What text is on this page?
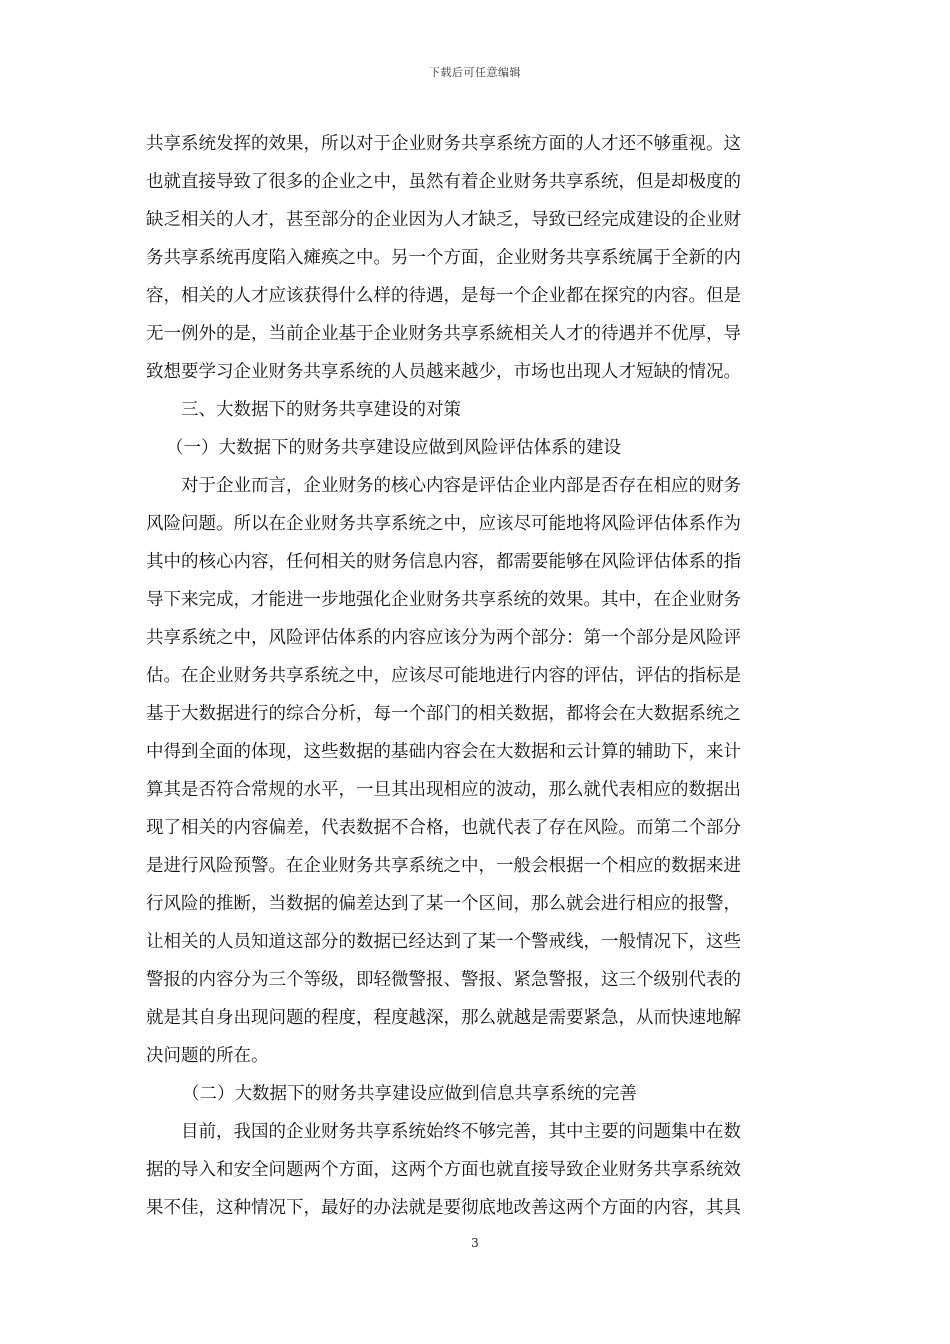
下载后可任意编辑
共享系统发挥的效果，所以对于企业财务共享系统方面的人才还不够重视。这
也就直接导致了很多的企业之中，虽然有着企业财务共享系统，但是却极度的
缺乏相关的人才，甚至部分的企业因为人才缺乏，导致已经完成建设的企业财
务共享系统再度陷入瘫痪之中。另一个方面，企业财务共享系统属于全新的内
容，相关的人才应该获得什么样的待遇，是每一个企业都在探究的内容。但是
无一例外的是，当前企业基于企业财务共享系統相关人才的待遇并不优厚，导
致想要学习企业财务共享系统的人员越来越少，市场也出现人才短缺的情况。
三、大数据下的财务共享建设的对策
（一）大数据下的财务共享建设应做到风险评估体系的建设
对于企业而言，企业财务的核心内容是评估企业内部是否存在相应的财务
风险问题。所以在企业财务共享系统之中，应该尽可能地将风险评估体系作为
其中的核心内容，任何相关的财务信息内容，都需要能够在风险评估体系的指
导下来完成，才能进一步地强化企业财务共享系统的效果。其中，在企业财务
共享系统之中，风险评估体系的内容应该分为两个部分：第一个部分是风险评
估。在企业财务共享系统之中，应该尽可能地进行内容的评估，评估的指标是
基于大数据进行的综合分析，每一个部门的相关数据，都将会在大数据系统之
中得到全面的体现，这些数据的基础内容会在大数据和云计算的辅助下，来计
算其是否符合常规的水平，一旦其出现相应的波动，那么就代表相应的数据出
现了相关的内容偏差，代表数据不合格，也就代表了存在风险。而第二个部分
是进行风险预警。在企业财务共享系统之中，一般会根据一个相应的数据来进
行风险的推断，当数据的偏差达到了某一个区间，那么就会进行相应的报警，
让相关的人员知道这部分的数据已经达到了某一个警戒线，一般情况下，这些
警报的内容分为三个等级，即轻微警报、警报、紧急警报，这三个级别代表的
就是其自身出现问题的程度，程度越深，那么就越是需要紧急，从而快速地解
决问题的所在。
（二）大数据下的财务共享建设应做到信息共享系统的完善
目前，我国的企业财务共享系统始终不够完善，其中主要的问题集中在数
据的导入和安全问题两个方面，这两个方面也就直接导致企业财务共享系统效
果不佳，这种情况下，最好的办法就是要彻底地改善这两个方面的内容，其具
3
